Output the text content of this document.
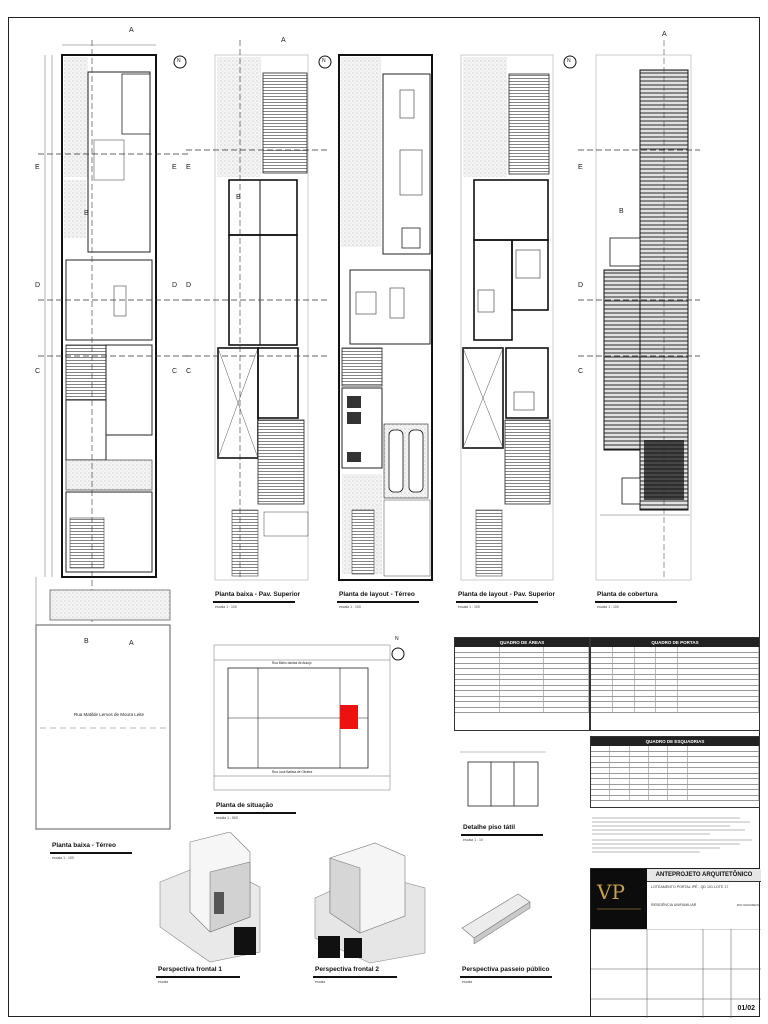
Planta baixa - Térreo
escala 1 : 100
Planta baixa - Pav. Superior
escala 1 : 100
Planta de layout - Térreo
escala 1 : 100
Planta de layout - Pav. Superior
escala 1 : 100
Planta de cobertura
escala 1 : 100
Planta de situação
escala 1 : 500
Detalhe piso tátil
escala 1 : 10
Rua Matilde Lemos de Moura Leite
Rua Mário dantas de Araújo
Rua José Batista de Oliveira
A
A
A
A
B
B
B
B
E	E E	E
D	D D	D
C	C C	C
N	N	N
N
QUADRO DE ÁREAS	QUADRO DE PORTAS
QUADRO DE ESQUADRIAS
VP
ANTEPROJETO ARQUITETÔNICO
LOTEAMENTO PORTAL IPÊ - QD 101 LOTE 17
RESIDÊNCIA UNIFAMILIAR	RIO GRANDE/S
01/02
Perspectiva frontal 1
escala
Perspectiva frontal 2
escala
Perspectiva passeio público
escala
